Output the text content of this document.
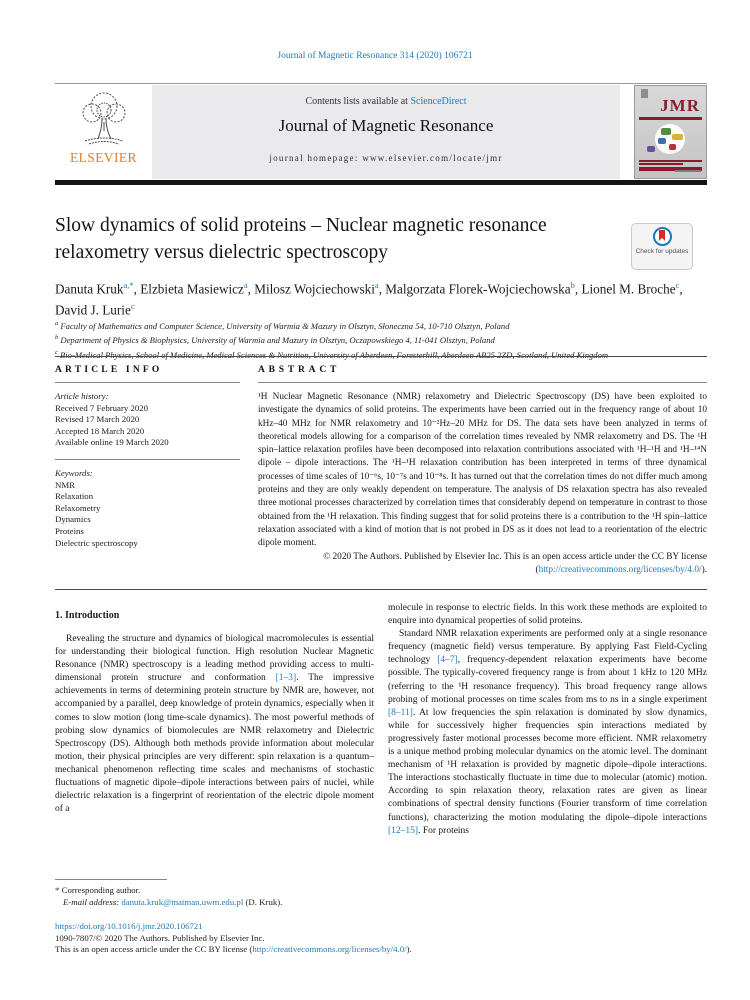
Journal of Magnetic Resonance 314 (2020) 106721
ELSEVIER
Contents lists available at ScienceDirect
Journal of Magnetic Resonance
journal homepage: www.elsevier.com/locate/jmr
JMR
Slow dynamics of solid proteins – Nuclear magnetic resonance relaxometry versus dielectric spectroscopy	Check for updates
Danuta Kruk$^{a,*}$, Elzbieta Masiewicz$^a$, Milosz Wojciechowski$^a$, Malgorzata Florek-Wojciechowska$^b$, Lionel M. Broche$^c$, David J. Lurie$^c$
$^a$ Faculty of Mathematics and Computer Science, University of Warmia & Mazury in Olsztyn, Słoneczna 54, 10-710 Olsztyn, Poland
$^b$ Department of Physics & Biophysics, University of Warmia and Mazury in Olsztyn, Oczapowskiego 4, 11-041 Olsztyn, Poland
$^c$ Bio-Medical Physics, School of Medicine, Medical Sciences & Nutrition, University of Aberdeen, Foresterhill, Aberdeen AB25 2ZD, Scotland, United Kingdom
ARTICLE INFO
Article history:
Received 7 February 2020
Revised 17 March 2020
Accepted 18 March 2020
Available online 19 March 2020
Keywords:
NMR
Relaxation
Relaxometry
Dynamics
Proteins
Dielectric spectroscopy
ABSTRACT
¹H Nuclear Magnetic Resonance (NMR) relaxometry and Dielectric Spectroscopy (DS) have been exploited to investigate the dynamics of solid proteins. The experiments have been carried out in the frequency range of about 10 kHz–40 MHz for NMR relaxometry and 10⁻²Hz–20 MHz for DS. The data sets have been analyzed in terms of theoretical models allowing for a comparison of the correlation times revealed by NMR relaxometry and DS. The ¹H spin–lattice relaxation profiles have been decomposed into relaxation contributions associated with ¹H–¹H and ¹H–¹⁴N dipole – dipole interactions. The ¹H–¹H relaxation contribution has been interpreted in terms of three dynamical processes of time scales of 10⁻⁶s, 10⁻⁷s and 10⁻⁸s. It has turned out that the correlation times do not differ much among proteins and they are only weakly dependent on temperature. The analysis of DS relaxation spectra has also revealed three motional processes characterized by correlation times that considerably depend on temperature in contrast to those obtained from the ¹H relaxation. This finding suggest that for solid proteins there is a contribution to the ¹H spin–lattice relaxation associated with a kind of motion that is not probed in DS as it does not lead to a reorientation of the electric dipole moment.
© 2020 The Authors. Published by Elsevier Inc. This is an open access article under the CC BY license (http://creativecommons.org/licenses/by/4.0/).
1. Introduction
Revealing the structure and dynamics of biological macromolecules is essential for understanding their biological function. High resolution Nuclear Magnetic Resonance (NMR) spectroscopy is a leading method providing access to multi-dimensional protein structure and conformation [1–3]. The impressive achievements in terms of determining protein structure by NMR are, however, not accompanied by a parallel, deep knowledge of protein dynamics, especially when it comes to slow motion (long time-scale dynamics). The most powerful methods of probing slow dynamics of biomolecules are NMR relaxometry and Dielectric Spectroscopy (DS). Although both methods provide information about molecular motion, their physical principles are very different: spin relaxation is a quantum–mechanical phenomenon reflecting time scales and mechanisms of stochastic fluctuations of magnetic dipole–dipole interactions between pairs of nuclei, while dielectric relaxation is a fingerprint of reorientation of the electric dipole moment of a
molecule in response to electric fields. In this work these methods are exploited to enquire into dynamical properties of solid proteins.
Standard NMR relaxation experiments are performed only at a single resonance frequency (magnetic field) versus temperature. By applying Fast Field-Cycling technology [4–7], frequency-dependent relaxation experiments have become possible. The typically-covered frequency range is from about 1 kHz to 120 MHz (referring to the ¹H resonance frequency). This broad frequency range allows probing of motional processes on time scales from ms to ns in a single experiment [8–11]. At low frequencies the spin relaxation is dominated by slow dynamics, while for successively higher frequencies spin interactions mediated by progressively faster motional processes become more efficient. NMR relaxometry is a unique method probing molecular dynamics on the atomic level. The dominant mechanism of ¹H relaxation is provided by magnetic dipole–dipole interactions. The interactions stochastically fluctuate in time due to molecular (atomic) motion. According to spin relaxation theory, relaxation rates are given as linear combinations of spectral density functions (Fourier transform of time correlation functions), characterizing the motion modulating the dipole–dipole interactions [12–15]. For proteins
* Corresponding author.
E-mail address: danuta.kruk@matman.uwm.edu.pl (D. Kruk).
https://doi.org/10.1016/j.jmr.2020.106721
1090-7807/© 2020 The Authors. Published by Elsevier Inc.
This is an open access article under the CC BY license (http://creativecommons.org/licenses/by/4.0/).
